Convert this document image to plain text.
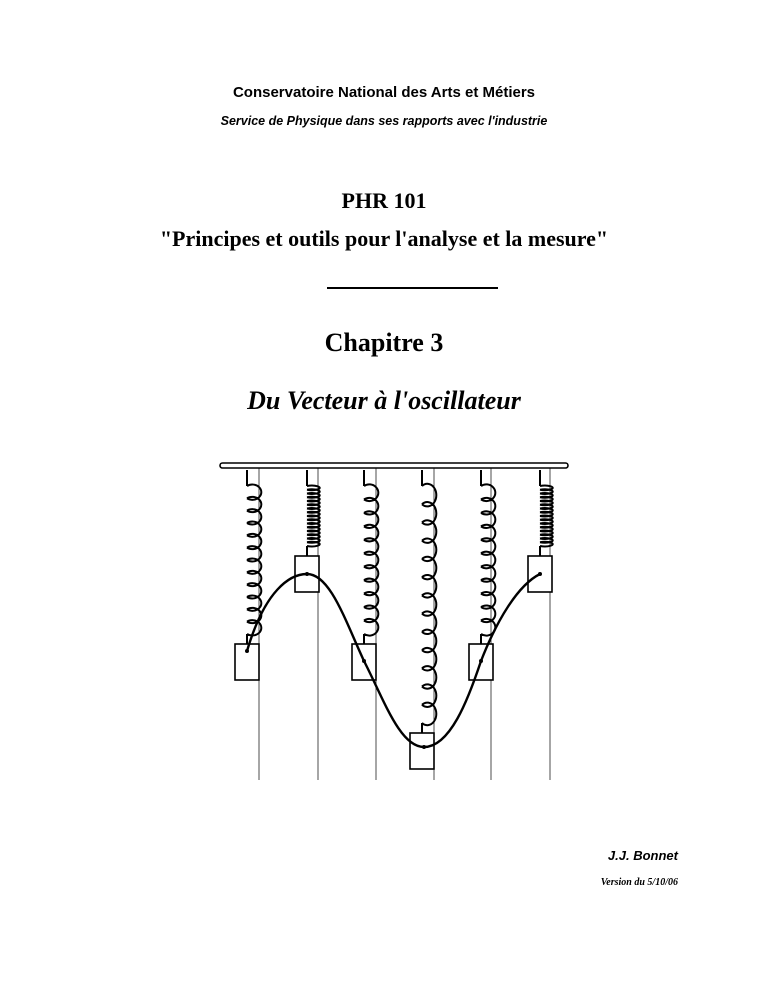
Conservatoire National des Arts et Métiers

Service de Physique dans ses rapports avec l'industrie

PHR 101

"Principes et outils pour l'analyse et la mesure"

Chapitre 3

Du Vecteur à l'oscillateur

J.J. Bonnet

Version du 5/10/06
